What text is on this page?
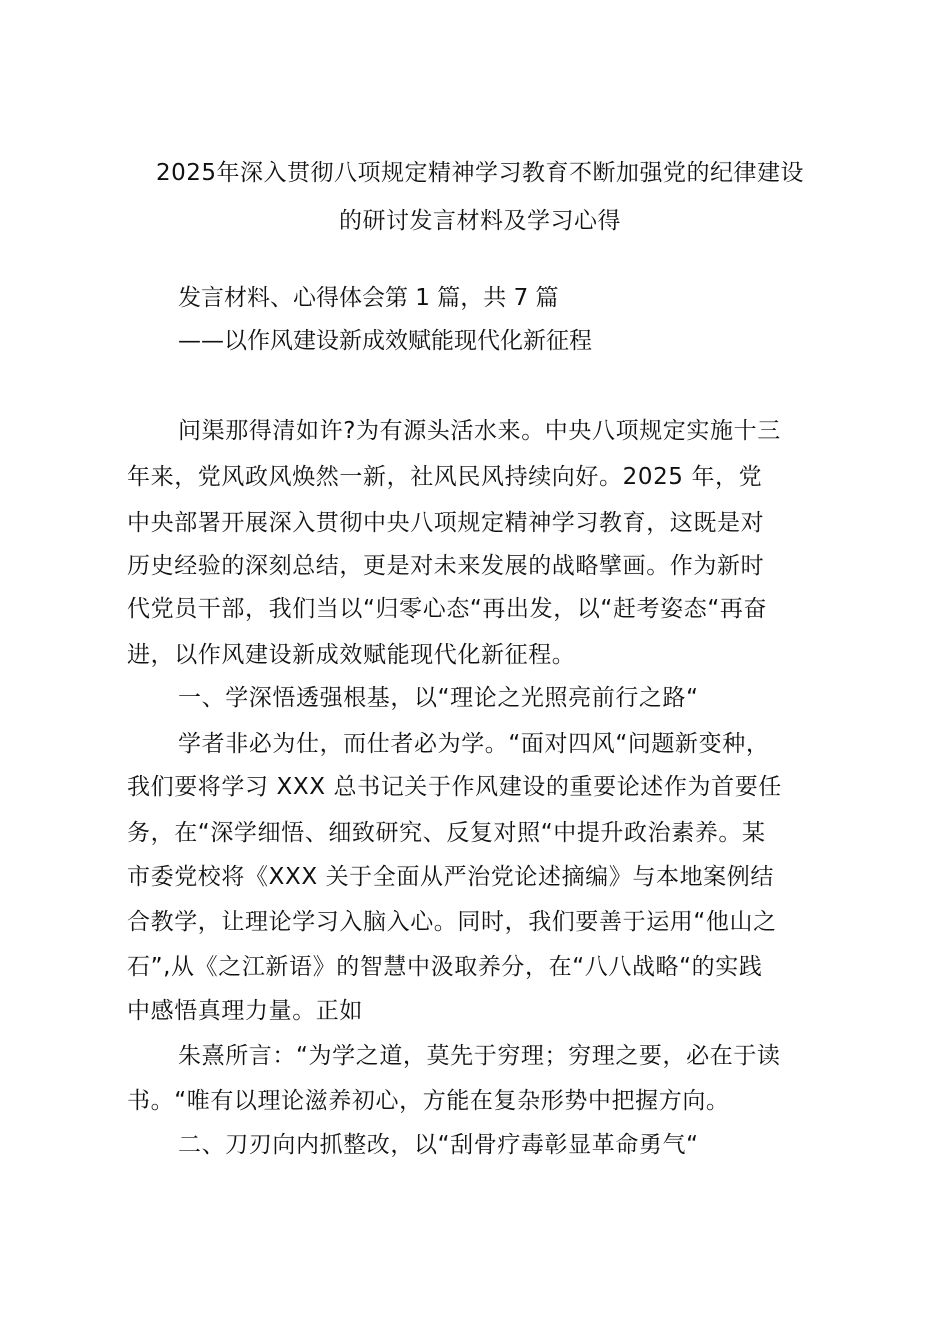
2025年深入贯彻八项规定精神学习教育不断加强党的纪律建设
的研讨发言材料及学习心得
发言材料、心得体会第 1 篇，共 7 篇
——以作风建设新成效赋能现代化新征程
问渠那得清如许?为有源头活水来。中央八项规定实施十三
年来，党风政风焕然一新，社风民风持续向好。2025 年，党
中央部署开展深入贯彻中央八项规定精神学习教育，这既是对
历史经验的深刻总结，更是对未来发展的战略擘画。作为新时
代党员干部，我们当以“归零心态“再出发，以“赶考姿态“再奋
进，以作风建设新成效赋能现代化新征程。
一、学深悟透强根基，以“理论之光照亮前行之路“
学者非必为仕，而仕者必为学。“面对四风“问题新变种，
我们要将学习 XXX 总书记关于作风建设的重要论述作为首要任
务，在“深学细悟、细致研究、反复对照“中提升政治素养。某
市委党校将《XXX 关于全面从严治党论述摘编》与本地案例结
合教学，让理论学习入脑入心。同时，我们要善于运用“他山之
石”,从《之江新语》的智慧中汲取养分，在“八八战略“的实践
中感悟真理力量。正如
朱熹所言：“为学之道，莫先于穷理；穷理之要，必在于读
书。“唯有以理论滋养初心，方能在复杂形势中把握方向。
二、刀刃向内抓整改，以“刮骨疗毒彰显革命勇气“
